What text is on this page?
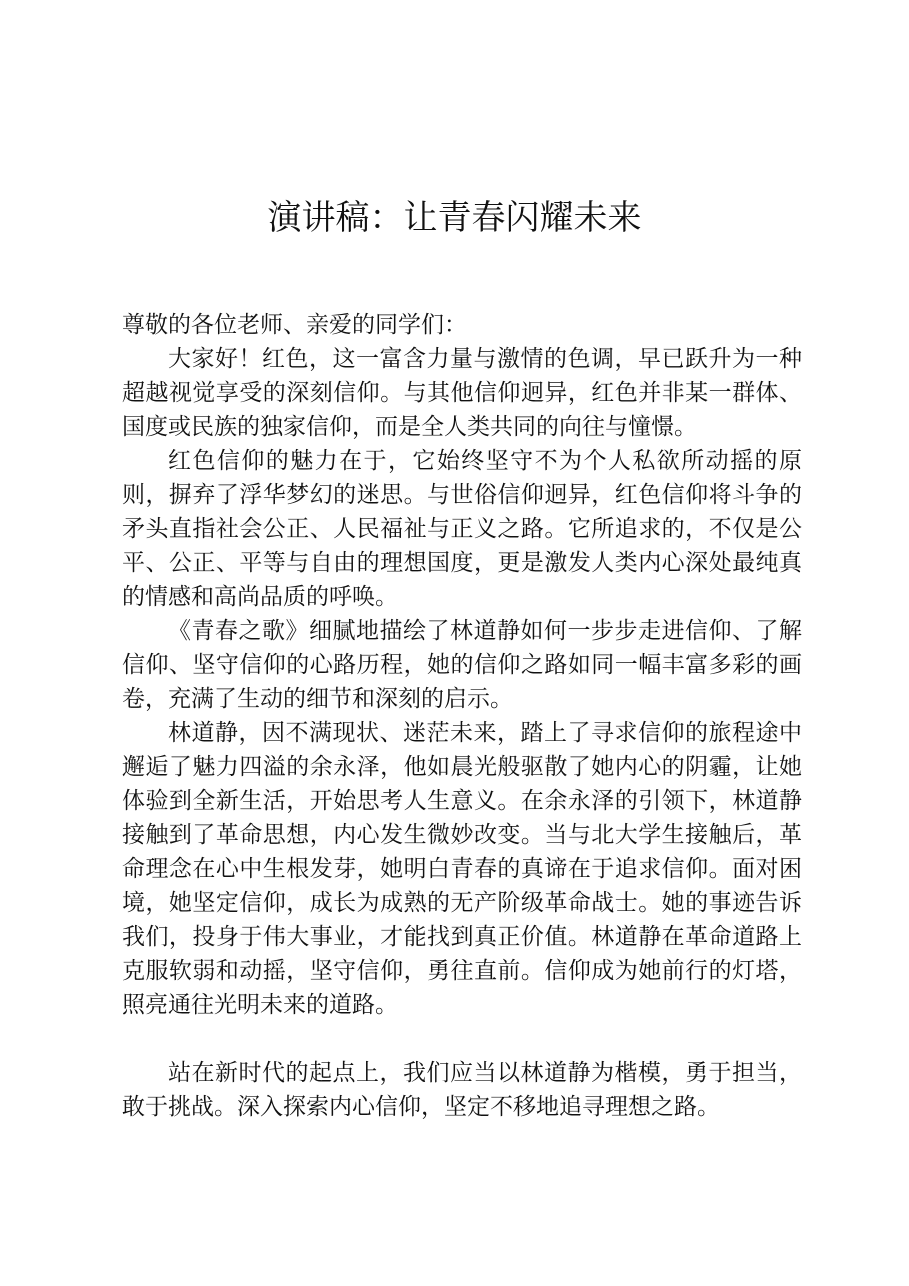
演讲稿：让青春闪耀未来

尊敬的各位老师、亲爱的同学们：

大家好！红色，这一富含力量与激情的色调，早已跃升为一种超越视觉享受的深刻信仰。与其他信仰迥异，红色并非某一群体、国度或民族的独家信仰，而是全人类共同的向往与憧憬。

红色信仰的魅力在于，它始终坚守不为个人私欲所动摇的原则，摒弃了浮华梦幻的迷思。与世俗信仰迥异，红色信仰将斗争的矛头直指社会公正、人民福祉与正义之路。它所追求的，不仅是公平、公正、平等与自由的理想国度，更是激发人类内心深处最纯真的情感和高尚品质的呼唤。

《青春之歌》细腻地描绘了林道静如何一步步走进信仰、了解信仰、坚守信仰的心路历程，她的信仰之路如同一幅丰富多彩的画卷，充满了生动的细节和深刻的启示。

林道静，因不满现状、迷茫未来，踏上了寻求信仰的旅程途中邂逅了魅力四溢的余永泽，他如晨光般驱散了她内心的阴霾，让她体验到全新生活，开始思考人生意义。在余永泽的引领下，林道静接触到了革命思想，内心发生微妙改变。当与北大学生接触后，革命理念在心中生根发芽，她明白青春的真谛在于追求信仰。面对困境，她坚定信仰，成长为成熟的无产阶级革命战士。她的事迹告诉我们，投身于伟大事业，才能找到真正价值。林道静在革命道路上克服软弱和动摇，坚守信仰，勇往直前。信仰成为她前行的灯塔，照亮通往光明未来的道路。

站在新时代的起点上，我们应当以林道静为楷模，勇于担当，敢于挑战。深入探索内心信仰，坚定不移地追寻理想之路。
